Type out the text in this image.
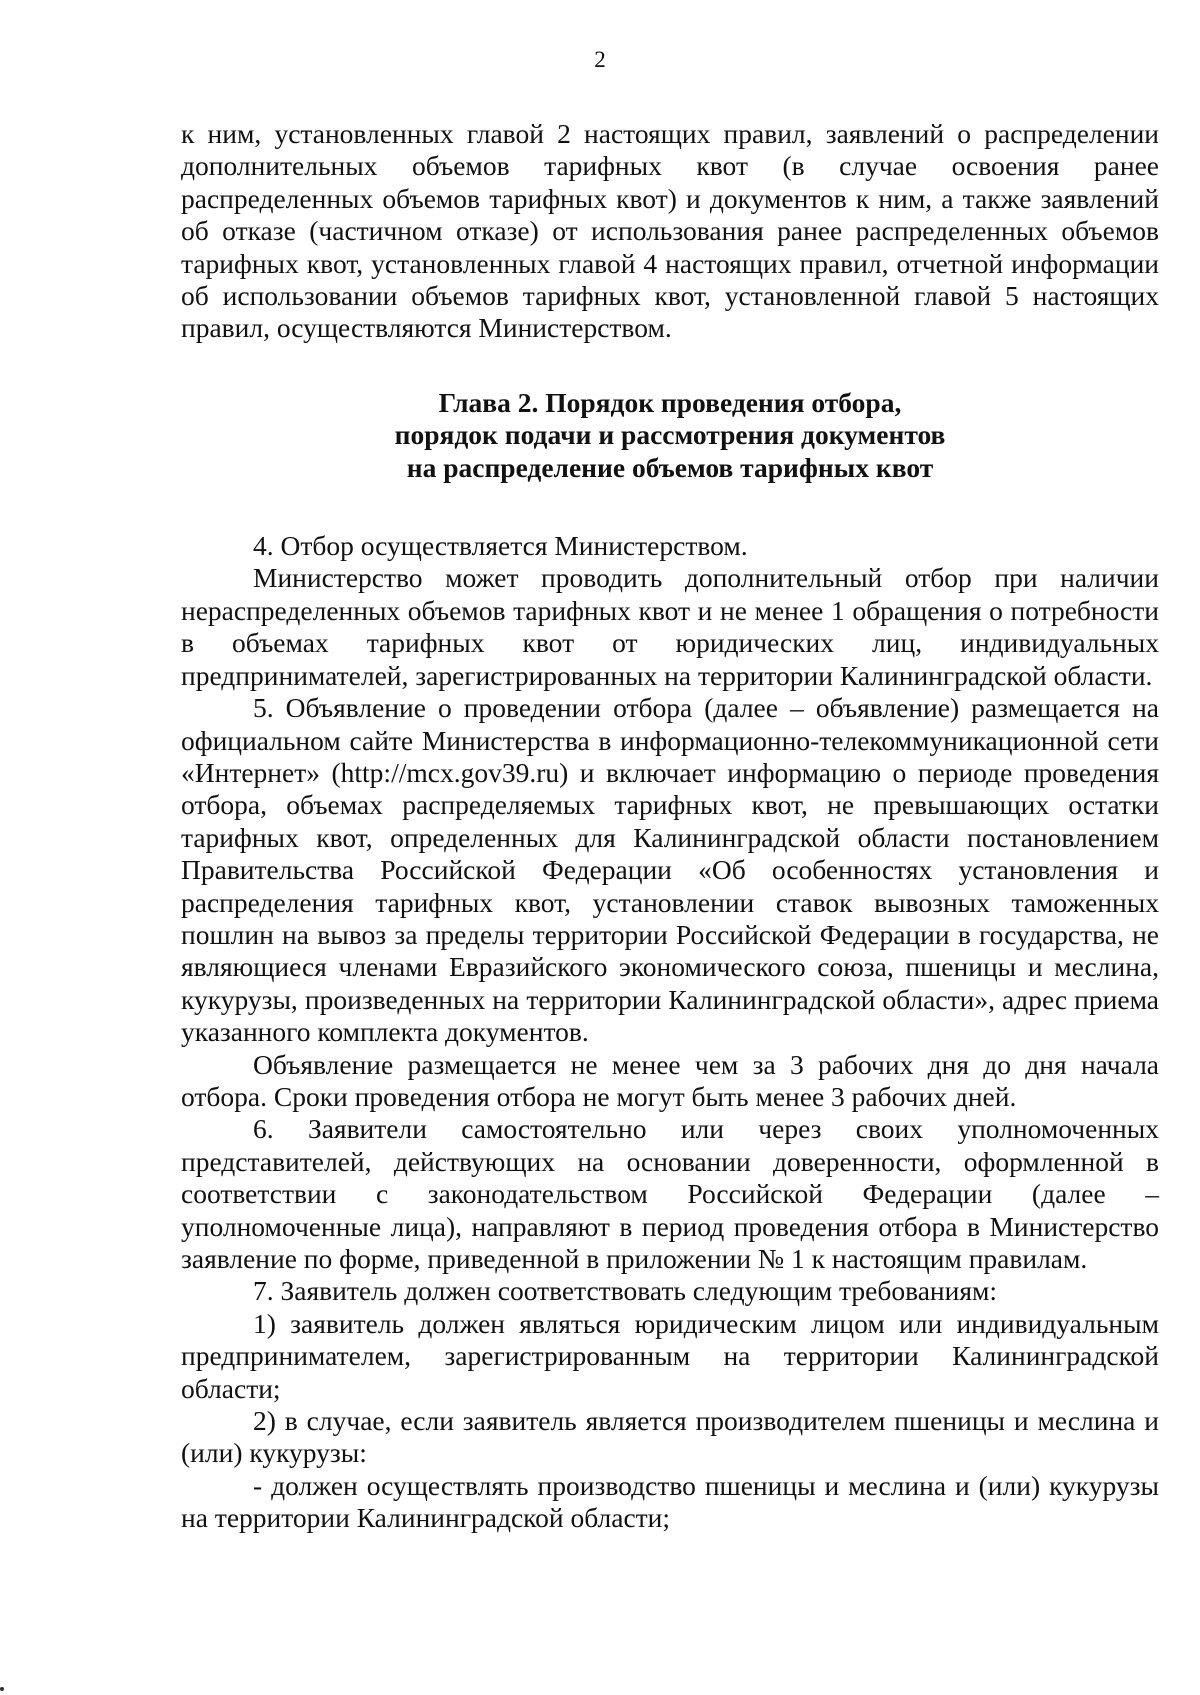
2

к ним, установленных главой 2 настоящих правил, заявлений о распределении дополнительных объемов тарифных квот (в случае освоения ранее распределенных объемов тарифных квот) и документов к ним, а также заявлений об отказе (частичном отказе) от использования ранее распределенных объемов тарифных квот, установленных главой 4 настоящих правил, отчетной информации об использовании объемов тарифных квот, установленной главой 5 настоящих правил, осуществляются Министерством.

Глава 2. Порядок проведения отбора,
порядок подачи и рассмотрения документов
на распределение объемов тарифных квот

4. Отбор осуществляется Министерством.

Министерство может проводить дополнительный отбор при наличии нераспределенных объемов тарифных квот и не менее 1 обращения о потребности в объемах тарифных квот от юридических лиц, индивидуальных предпринимателей, зарегистрированных на территории Калининградской области.

5. Объявление о проведении отбора (далее – объявление) размещается на официальном сайте Министерства в информационно-телекоммуникационной сети «Интернет» (http://mcx.gov39.ru) и включает информацию о периоде проведения отбора, объемах распределяемых тарифных квот, не превышающих остатки тарифных квот, определенных для Калининградской области постановлением Правительства Российской Федерации «Об особенностях установления и распределения тарифных квот, установлении ставок вывозных таможенных пошлин на вывоз за пределы территории Российской Федерации в государства, не являющиеся членами Евразийского экономического союза, пшеницы и меслина, кукурузы, произведенных на территории Калининградской области», адрес приема указанного комплекта документов.

Объявление размещается не менее чем за 3 рабочих дня до дня начала отбора. Сроки проведения отбора не могут быть менее 3 рабочих дней.

6. Заявители самостоятельно или через своих уполномоченных представителей, действующих на основании доверенности, оформленной в соответствии с законодательством Российской Федерации (далее – уполномоченные лица), направляют в период проведения отбора в Министерство заявление по форме, приведенной в приложении № 1 к настоящим правилам.

7. Заявитель должен соответствовать следующим требованиям:

1) заявитель должен являться юридическим лицом или индивидуальным предпринимателем, зарегистрированным на территории Калининградской области;

2) в случае, если заявитель является производителем пшеницы и меслина и (или) кукурузы:

- должен осуществлять производство пшеницы и меслина и (или) кукурузы на территории Калининградской области;
